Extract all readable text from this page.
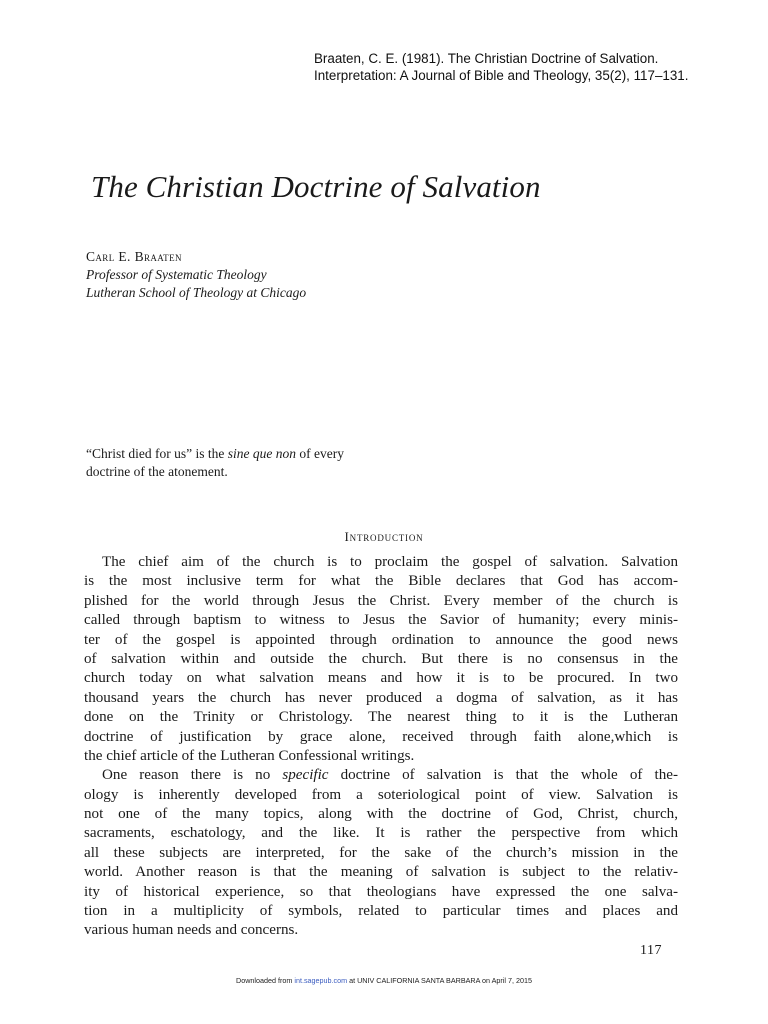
Braaten, C. E. (1981). The Christian Doctrine of Salvation.
Interpretation: A Journal of Bible and Theology, 35(2), 117–131.
The Christian Doctrine of Salvation
Carl E. Braaten
Professor of Systematic Theology
Lutheran School of Theology at Chicago
“Christ died for us” is the sine que non of every
doctrine of the atonement.
Introduction
The chief aim of the church is to proclaim the gospel of salvation. Salvation
is the most inclusive term for what the Bible declares that God has accom-
plished for the world through Jesus the Christ. Every member of the church is
called through baptism to witness to Jesus the Savior of humanity; every minis-
ter of the gospel is appointed through ordination to announce the good news
of salvation within and outside the church. But there is no consensus in the
church today on what salvation means and how it is to be procured. In two
thousand years the church has never produced a dogma of salvation, as it has
done on the Trinity or Christology. The nearest thing to it is the Lutheran
doctrine of justification by grace alone, received through faith alone,which is
the chief article of the Lutheran Confessional writings.
One reason there is no specific doctrine of salvation is that the whole of the-
ology is inherently developed from a soteriological point of view. Salvation is
not one of the many topics, along with the doctrine of God, Christ, church,
sacraments, eschatology, and the like. It is rather the perspective from which
all these subjects are interpreted, for the sake of the church’s mission in the
world. Another reason is that the meaning of salvation is subject to the relativ-
ity of historical experience, so that theologians have expressed the one salva-
tion in a multiplicity of symbols, related to particular times and places and
various human needs and concerns.
117
Downloaded from int.sagepub.com at UNIV CALIFORNIA SANTA BARBARA on April 7, 2015
